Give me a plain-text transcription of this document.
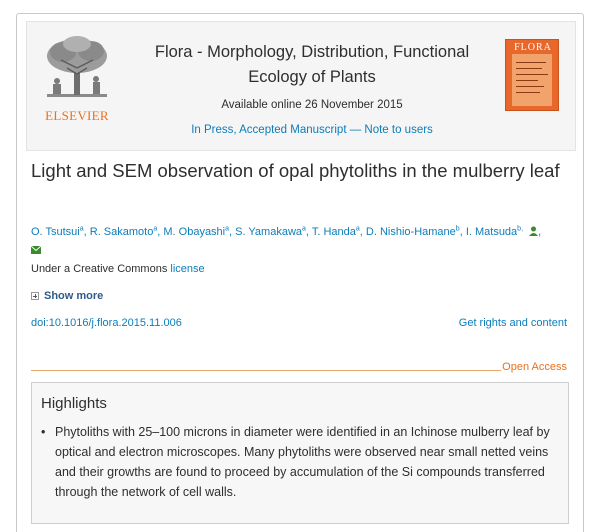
ELSEVIER
Flora - Morphology, Distribution, Functional Ecology of Plants
Available online 26 November 2015
In Press, Accepted Manuscript — Note to users
FLORA
Light and SEM observation of opal phytoliths in the mulberry leaf
O. Tsutsui$^a$, R. Sakamoto$^a$, M. Obayashi$^a$, S. Yamakawa$^a$, T. Handa$^a$, D. Nishio-Hamane$^b$, I. Matsuda$^{b,}$ ,

Under a Creative Commons license
Show more
doi:10.1016/j.flora.2015.11.006	Get rights and content
Open Access
Highlights
• Phytoliths with 25–100 microns in diameter were identified in an Ichinose mulberry leaf by optical and electron microscopes. Many phytoliths were observed near small netted veins and their growths are found to proceed by accumulation of the Si compounds transferred through the network of cell walls.
